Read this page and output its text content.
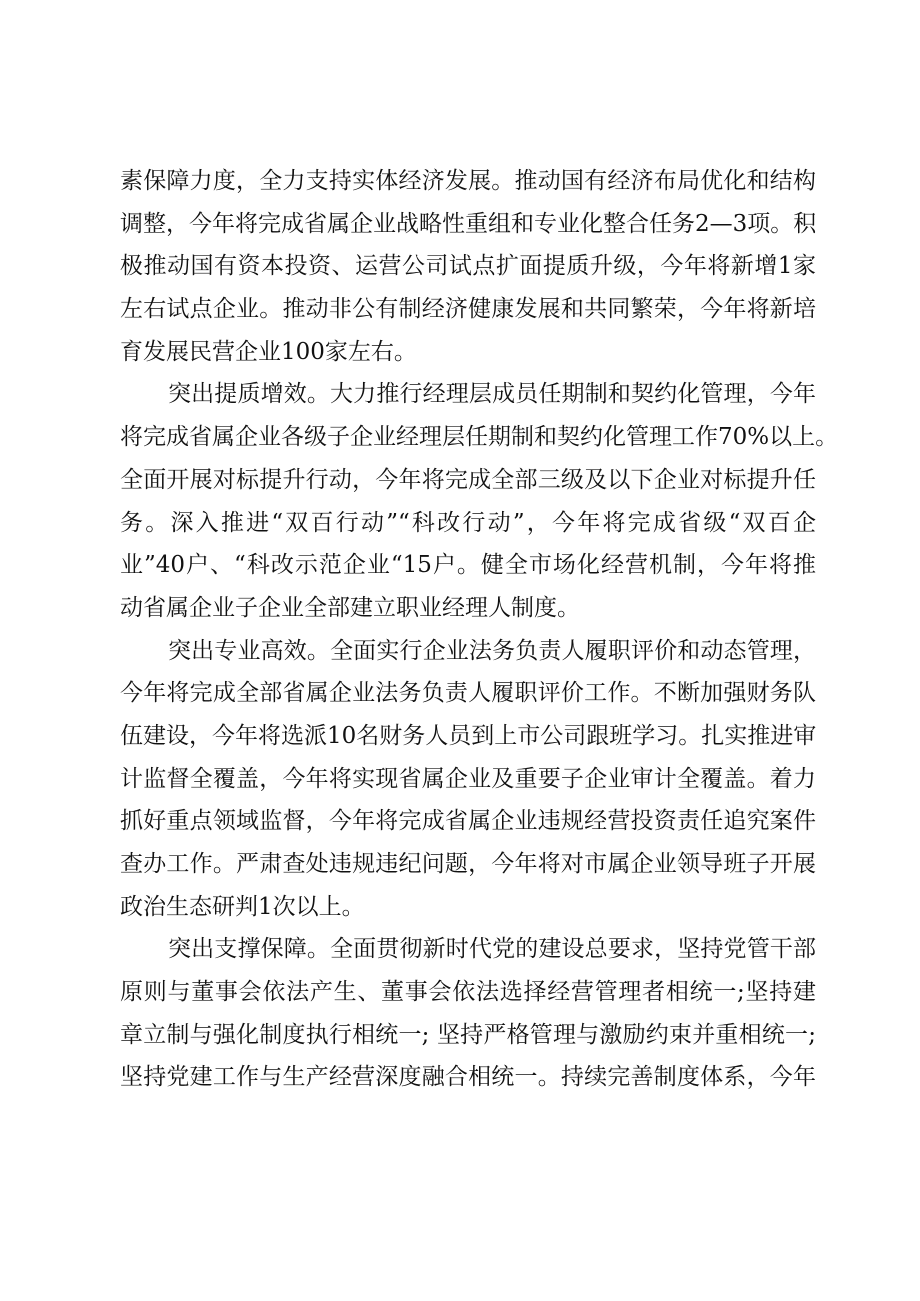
素保障力度，全力支持实体经济发展。推动国有经济布局优化和结构
调整，今年将完成省属企业战略性重组和专业化整合任务2—3项。积
极推动国有资本投资、运营公司试点扩面提质升级，今年将新增1家
左右试点企业。推动非公有制经济健康发展和共同繁荣，今年将新培
育发展民营企业100家左右。
突出提质增效。大力推行经理层成员任期制和契约化管理，今年
将完成省属企业各级子企业经理层任期制和契约化管理工作70%以上。
全面开展对标提升行动，今年将完成全部三级及以下企业对标提升任
务。深入推进“双百行动”“科改行动”，今年将完成省级“双百企
业”40户、“科改示范企业“15户。健全市场化经营机制，今年将推
动省属企业子企业全部建立职业经理人制度。
突出专业高效。全面实行企业法务负责人履职评价和动态管理，
今年将完成全部省属企业法务负责人履职评价工作。不断加强财务队
伍建设，今年将选派10名财务人员到上市公司跟班学习。扎实推进审
计监督全覆盖，今年将实现省属企业及重要子企业审计全覆盖。着力
抓好重点领域监督，今年将完成省属企业违规经营投资责任追究案件
查办工作。严肃查处违规违纪问题，今年将对市属企业领导班子开展
政治生态研判1次以上。
突出支撑保障。全面贯彻新时代党的建设总要求，坚持党管干部
原则与董事会依法产生、董事会依法选择经营管理者相统一;坚持建
章立制与强化制度执行相统一; 坚持严格管理与激励约束并重相统一;
坚持党建工作与生产经营深度融合相统一。持续完善制度体系，今年
